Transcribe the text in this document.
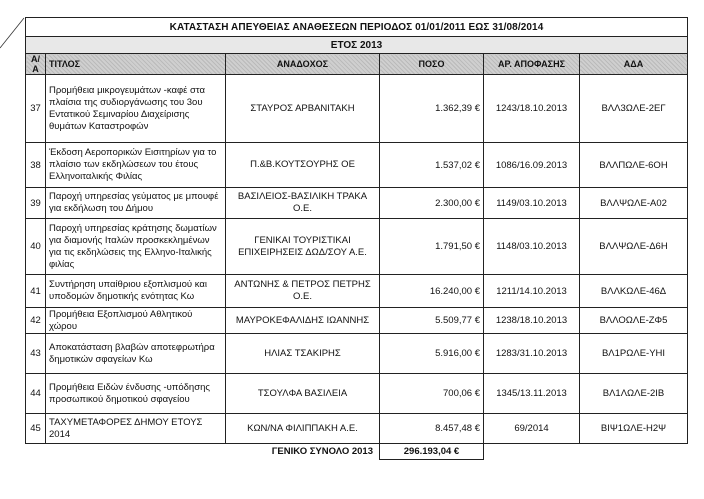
ΚΑΤΑΣΤΑΣΗ ΑΠΕΥΘΕΙΑΣ ΑΝΑΘΕΣΕΩΝ ΠΕΡΙΟΔΟΣ 01/01/2011 ΕΩΣ 31/08/2014					
ΕΤΟΣ 2013					
Α/Α	ΤΙΤΛΟΣ	ΑΝΑΔΟΧΟΣ	ΠΟΣΟ	ΑΡ. ΑΠΟΦΑΣΗΣ	ΑΔΑ
37	Προμήθεια μικρογευμάτων -καφέ στα πλαίσια της συδιοργάνωσης του 3ου Εντατικού Σεμιναρίου Διαχείρισης θυμάτων Καταστροφών	ΣΤΑΥΡΟΣ ΑΡΒΑΝΙΤΑΚΗ	1.362,39 €	1243/18.10.2013	ΒΛΛ3ΩΛΕ-2ΕΓ
38	Έκδοση Αεροπορικών Εισιτηρίων για το πλαίσιο των εκδηλώσεων του έτους Ελληνοιταλικής Φιλίας	Π.&Β.ΚΟΥΤΣΟΥΡΗΣ ΟΕ	1.537,02 €	1086/16.09.2013	ΒΛΛΠΩΛΕ-6ΟΗ
39	Παροχή υπηρεσίας γεύματος με μπουφέ για εκδήλωση του Δήμου	ΒΑΣΙΛΕΙΟΣ-ΒΑΣΙΛΙΚΗ ΤΡΑΚΑ Ο.Ε.	2.300,00 €	1149/03.10.2013	ΒΛΛΨΩΛΕ-Α02
40	Παροχή υπηρεσίας κράτησης δωματίων για διαμονής Ιταλών προσκεκλημένων για τις εκδηλώσεις της Ελληνο-Ιταλικής φιλίας	ΓΕΝΙΚΑΙ ΤΟΥΡΙΣΤΙΚΑΙ ΕΠΙΧΕΙΡΗΣΕΙΣ ΔΩΔ/ΣΟΥ Α.Ε.	1.791,50 €	1148/03.10.2013	ΒΛΛΨΩΛΕ-Δ6Η
41	Συντήρηση υπαίθριου εξοπλισμού και υποδομών δημοτικής ενότητας Κω	ΑΝΤΩΝΗΣ & ΠΕΤΡΟΣ ΠΕΤΡΗΣ Ο.Ε.	16.240,00 €	1211/14.10.2013	ΒΛΛΚΩΛΕ-46Δ
42	Προμήθεια Εξοπλισμού Αθλητικού χώρου	ΜΑΥΡΟΚΕΦΑΛΙΔΗΣ ΙΩΑΝΝΗΣ	5.509,77 €	1238/18.10.2013	ΒΛΛΟΩΛΕ-ΖΦ5
43	Αποκατάσταση βλαβών αποτεφρωτήρα δημοτικών σφαγείων Κω	ΗΛΙΑΣ ΤΣΑΚΙΡΗΣ	5.916,00 €	1283/31.10.2013	ΒΛ1ΡΩΛΕ-ΥΗΙ
44	Προμήθεια Ειδών ένδυσης -υπόδησης προσωπικού δημοτικού σφαγείου	ΤΣΟΥΛΦΑ ΒΑΣΙΛΕΙΑ	700,06 €	1345/13.11.2013	ΒΛ1ΛΩΛΕ-2ΙΒ
45	ΤΑΧΥΜΕΤΑΦΟΡΕΣ ΔΗΜΟΥ ΕΤΟΥΣ 2014	ΚΩΝ/ΝΑ ΦΙΛΙΠΠΑΚΗ Α.Ε.	8.457,48 €	69/2014	ΒΙΨ1ΩΛΕ-Η2Ψ
		ΓΕΝΙΚΟ ΣΥΝΟΛΟ 2013	296.193,04 €		
